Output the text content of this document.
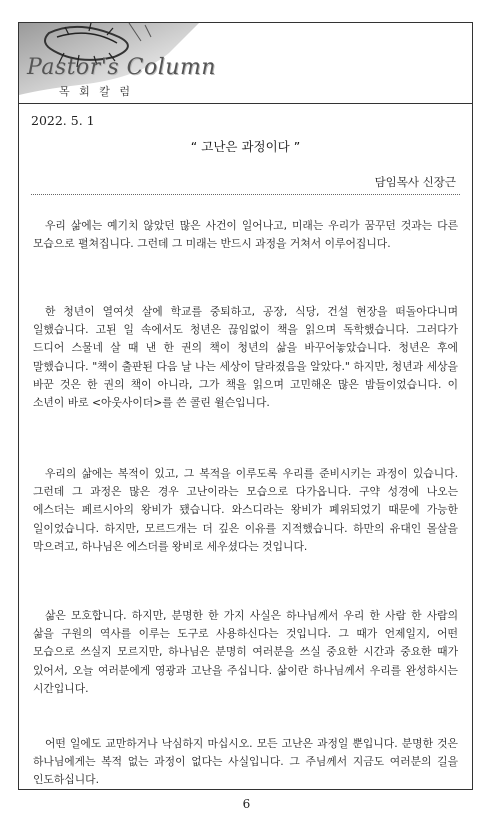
Pastor's Column
목 회 칼 럼
2022. 5. 1
“ 고난은 과정이다 ”
담임목사 신장근

우리 삶에는 예기치 않았던 많은 사건이 일어나고, 미래는 우리가 꿈꾸던 것과는 다른 모습으로 펼쳐집니다. 그런데 그 미래는 반드시 과정을 거쳐서 이루어집니다.

한 청년이 열여섯 살에 학교를 중퇴하고, 공장, 식당, 건설 현장을 떠돌아다니며 일했습니다. 고된 일 속에서도 청년은 끊임없이 책을 읽으며 독학했습니다. 그러다가 드디어 스물네 살 때 낸 한 권의 책이 청년의 삶을 바꾸어놓았습니다. 청년은 후에 말했습니다. "책이 출판된 다음 날 나는 세상이 달라졌음을 알았다." 하지만, 청년과 세상을 바꾼 것은 한 권의 책이 아니라, 그가 책을 읽으며 고민해온 많은 밤들이었습니다. 이 소년이 바로 <아웃사이더>를 쓴 콜린 윌슨입니다.

우리의 삶에는 복적이 있고, 그 복적을 이루도록 우리를 준비시키는 과정이 있습니다. 그런데 그 과정은 많은 경우 고난이라는 모습으로 다가옵니다. 구약 성경에 나오는 에스더는 페르시아의 왕비가 됐습니다. 와스디라는 왕비가 폐위되었기 때문에 가능한 일이었습니다. 하지만, 모르드개는 더 깊은 이유를 지적했습니다. 하만의 유대인 몰살을 막으려고, 하나님은 에스더를 왕비로 세우셨다는 것입니다.

삶은 모호합니다. 하지만, 분명한 한 가지 사실은 하나님께서 우리 한 사람 한 사람의 삶을 구원의 역사를 이루는 도구로 사용하신다는 것입니다. 그 때가 언제일지, 어떤 모습으로 쓰실지 모르지만, 하나님은 분명히 여러분을 쓰실 중요한 시간과 중요한 때가 있어서, 오늘 여러분에게 영광과 고난을 주십니다. 삶이란 하나님께서 우리를 완성하시는 시간입니다.

어떤 일에도 교만하거나 낙심하지 마십시오. 모든 고난은 과정일 뿐입니다. 분명한 것은 하나님에게는 복적 없는 과정이 없다는 사실입니다. 그 주님께서 지금도 여러분의 길을 인도하십니다.

6
